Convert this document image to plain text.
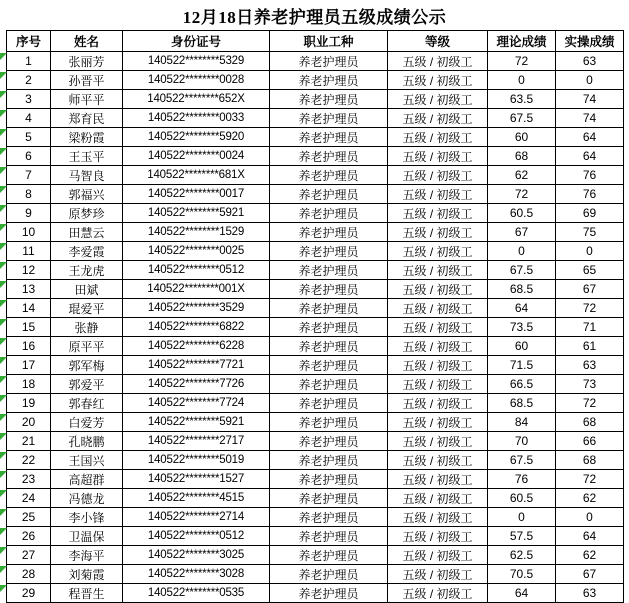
12月18日养老护理员五级成绩公示
序号	姓名	身份证号	职业工种	等级	理论成绩	实操成绩
1	张丽芳	140522********5329	养老护理员	五级 / 初级工	72	63
2	孙晋平	140522********0028	养老护理员	五级 / 初级工	0	0
3	师平平	140522********652X	养老护理员	五级 / 初级工	63.5	74
4	郑育民	140522********0033	养老护理员	五级 / 初级工	67.5	74
5	梁粉霞	140522********5920	养老护理员	五级 / 初级工	60	64
6	王玉平	140522********0024	养老护理员	五级 / 初级工	68	64
7	马智良	140522********681X	养老护理员	五级 / 初级工	62	76
8	郭福兴	140522********0017	养老护理员	五级 / 初级工	72	76
9	原梦珍	140522********5921	养老护理员	五级 / 初级工	60.5	69
10	田慧云	140522********1529	养老护理员	五级 / 初级工	67	75
11	李爱霞	140522********0025	养老护理员	五级 / 初级工	0	0
12	王龙虎	140522********0512	养老护理员	五级 / 初级工	67.5	65
13	田斌	140522********001X	养老护理员	五级 / 初级工	68.5	67
14	琨爱平	140522********3529	养老护理员	五级 / 初级工	64	72
15	张静	140522********6822	养老护理员	五级 / 初级工	73.5	71
16	原平平	140522********6228	养老护理员	五级 / 初级工	60	61
17	郭军梅	140522********7721	养老护理员	五级 / 初级工	71.5	63
18	郭爱平	140522********7726	养老护理员	五级 / 初级工	66.5	73
19	郭春红	140522********7724	养老护理员	五级 / 初级工	68.5	72
20	白爱芳	140522********5921	养老护理员	五级 / 初级工	84	68
21	孔晓鹏	140522********2717	养老护理员	五级 / 初级工	70	66
22	王国兴	140522********5019	养老护理员	五级 / 初级工	67.5	68
23	高超群	140522********1527	养老护理员	五级 / 初级工	76	72
24	冯德龙	140522********4515	养老护理员	五级 / 初级工	60.5	62
25	李小锋	140522********2714	养老护理员	五级 / 初级工	0	0
26	卫温保	140522********0512	养老护理员	五级 / 初级工	57.5	64
27	李海平	140522********3025	养老护理员	五级 / 初级工	62.5	62
28	刘菊霞	140522********3028	养老护理员	五级 / 初级工	70.5	67
29	程晋生	140522********0535	养老护理员	五级 / 初级工	64	63
